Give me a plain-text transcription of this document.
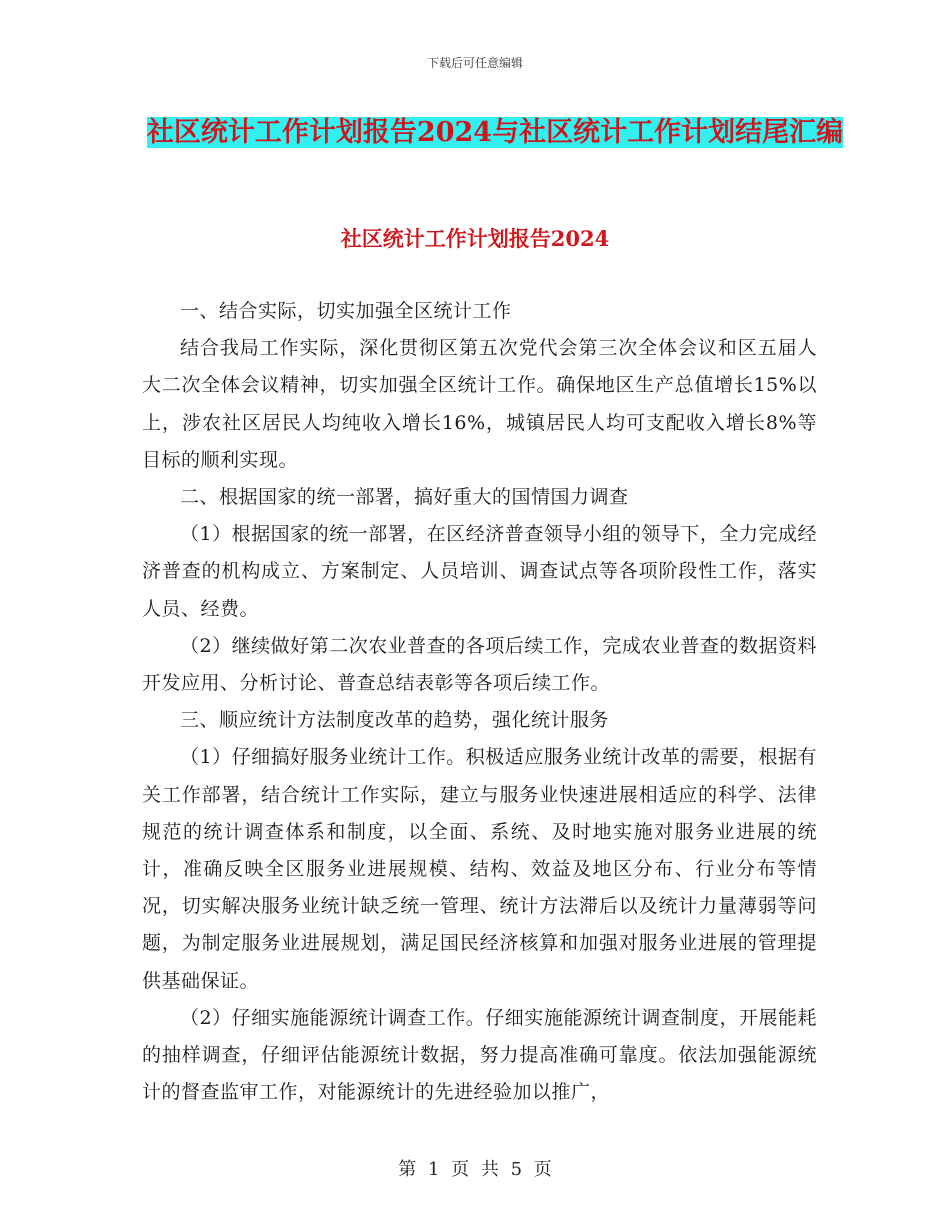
下载后可任意编辑
社区统计工作计划报告2024与社区统计工作计划结尾汇编
社区统计工作计划报告2024

一、结合实际，切实加强全区统计工作

结合我局工作实际，深化贯彻区第五次党代会第三次全体会议和区五届人大二次全体会议精神，切实加强全区统计工作。确保地区生产总值增长15%以上，涉农社区居民人均纯收入增长16%，城镇居民人均可支配收入增长8%等目标的顺利实现。

二、根据国家的统一部署，搞好重大的国情国力调查

（1）根据国家的统一部署，在区经济普查领导小组的领导下，全力完成经济普查的机构成立、方案制定、人员培训、调查试点等各项阶段性工作，落实人员、经费。

（2）继续做好第二次农业普查的各项后续工作，完成农业普查的数据资料开发应用、分析讨论、普查总结表彰等各项后续工作。

三、顺应统计方法制度改革的趋势，强化统计服务

（1）仔细搞好服务业统计工作。积极适应服务业统计改革的需要，根据有关工作部署，结合统计工作实际，建立与服务业快速进展相适应的科学、法律规范的统计调查体系和制度，以全面、系统、及时地实施对服务业进展的统计，准确反映全区服务业进展规模、结构、效益及地区分布、行业分布等情况，切实解决服务业统计缺乏统一管理、统计方法滞后以及统计力量薄弱等问题，为制定服务业进展规划，满足国民经济核算和加强对服务业进展的管理提供基础保证。

（2）仔细实施能源统计调查工作。仔细实施能源统计调查制度，开展能耗的抽样调查，仔细评估能源统计数据，努力提高准确可靠度。依法加强能源统计的督查监审工作，对能源统计的先进经验加以推广，

第 1 页 共 5 页
